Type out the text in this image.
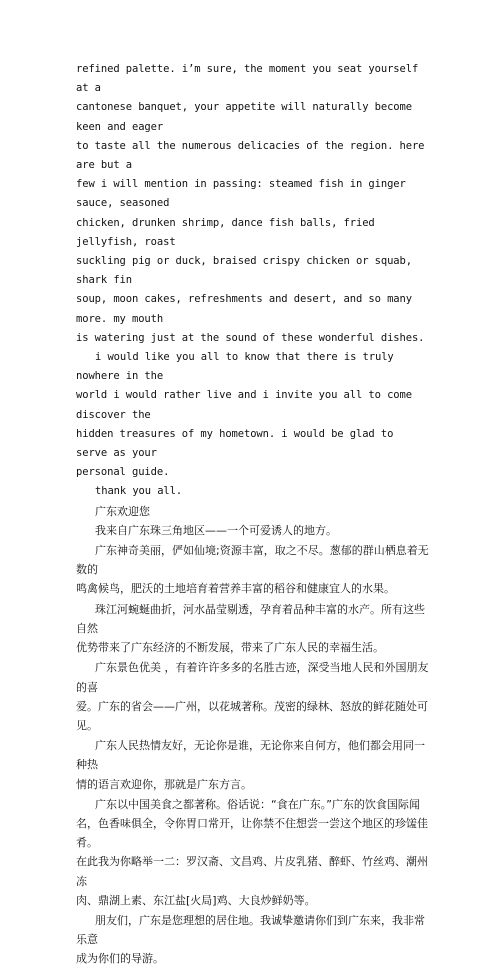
refined palette. i’m sure, the moment you seat yourself at a
cantonese banquet, your appetite will naturally become keen and eager
to taste all the numerous delicacies of the region. here are but a
few i will mention in passing: steamed fish in ginger sauce, seasoned
chicken, drunken shrimp, dance fish balls, fried jellyfish, roast
suckling pig or duck, braised crispy chicken or squab, shark fin
soup, moon cakes, refreshments and desert, and so many more. my mouth
is watering just at the sound of these wonderful dishes.

i would like you all to know that there is truly nowhere in the
world i would rather live and i invite you all to come discover the
hidden treasures of my hometown. i would be glad to serve as your
personal guide.

thank you all.

广东欢迎您

我来自广东珠三角地区——一个可爱诱人的地方。

广东神奇美丽，俨如仙境;资源丰富，取之不尽。葱郁的群山栖息着无数的
鸣禽候鸟，肥沃的土地培育着营养丰富的稻谷和健康宜人的水果。

珠江河蜿蜒曲折，河水晶莹剔透，孕育着品种丰富的水产。所有这些自然
优势带来了广东经济的不断发展，带来了广东人民的幸福生活。

广东景色优美 ，有着许许多多的名胜古迹，深受当地人民和外国朋友的喜
爱。广东的省会——广州，以花城著称。茂密的绿林、怒放的鲜花随处可见。

广东人民热情友好，无论你是谁，无论你来自何方，他们都会用同一种热
情的语言欢迎你，那就是广东方言。

广东以中国美食之都著称。俗话说：“食在广东。”广东的饮食国际闻
名，色香味俱全，令你胃口常开，让你禁不住想尝一尝这个地区的珍馐佳肴。
在此我为你略举一二：罗汉斋、文昌鸡、片皮乳猪、醉虾、竹丝鸡、潮州冻
肉、鼎湖上素、东江盐[火局]鸡、大良炒鲜奶等。

朋友们，广东是您理想的居住地。我诚挚邀请你们到广东来，我非常乐意
成为你们的导游。
